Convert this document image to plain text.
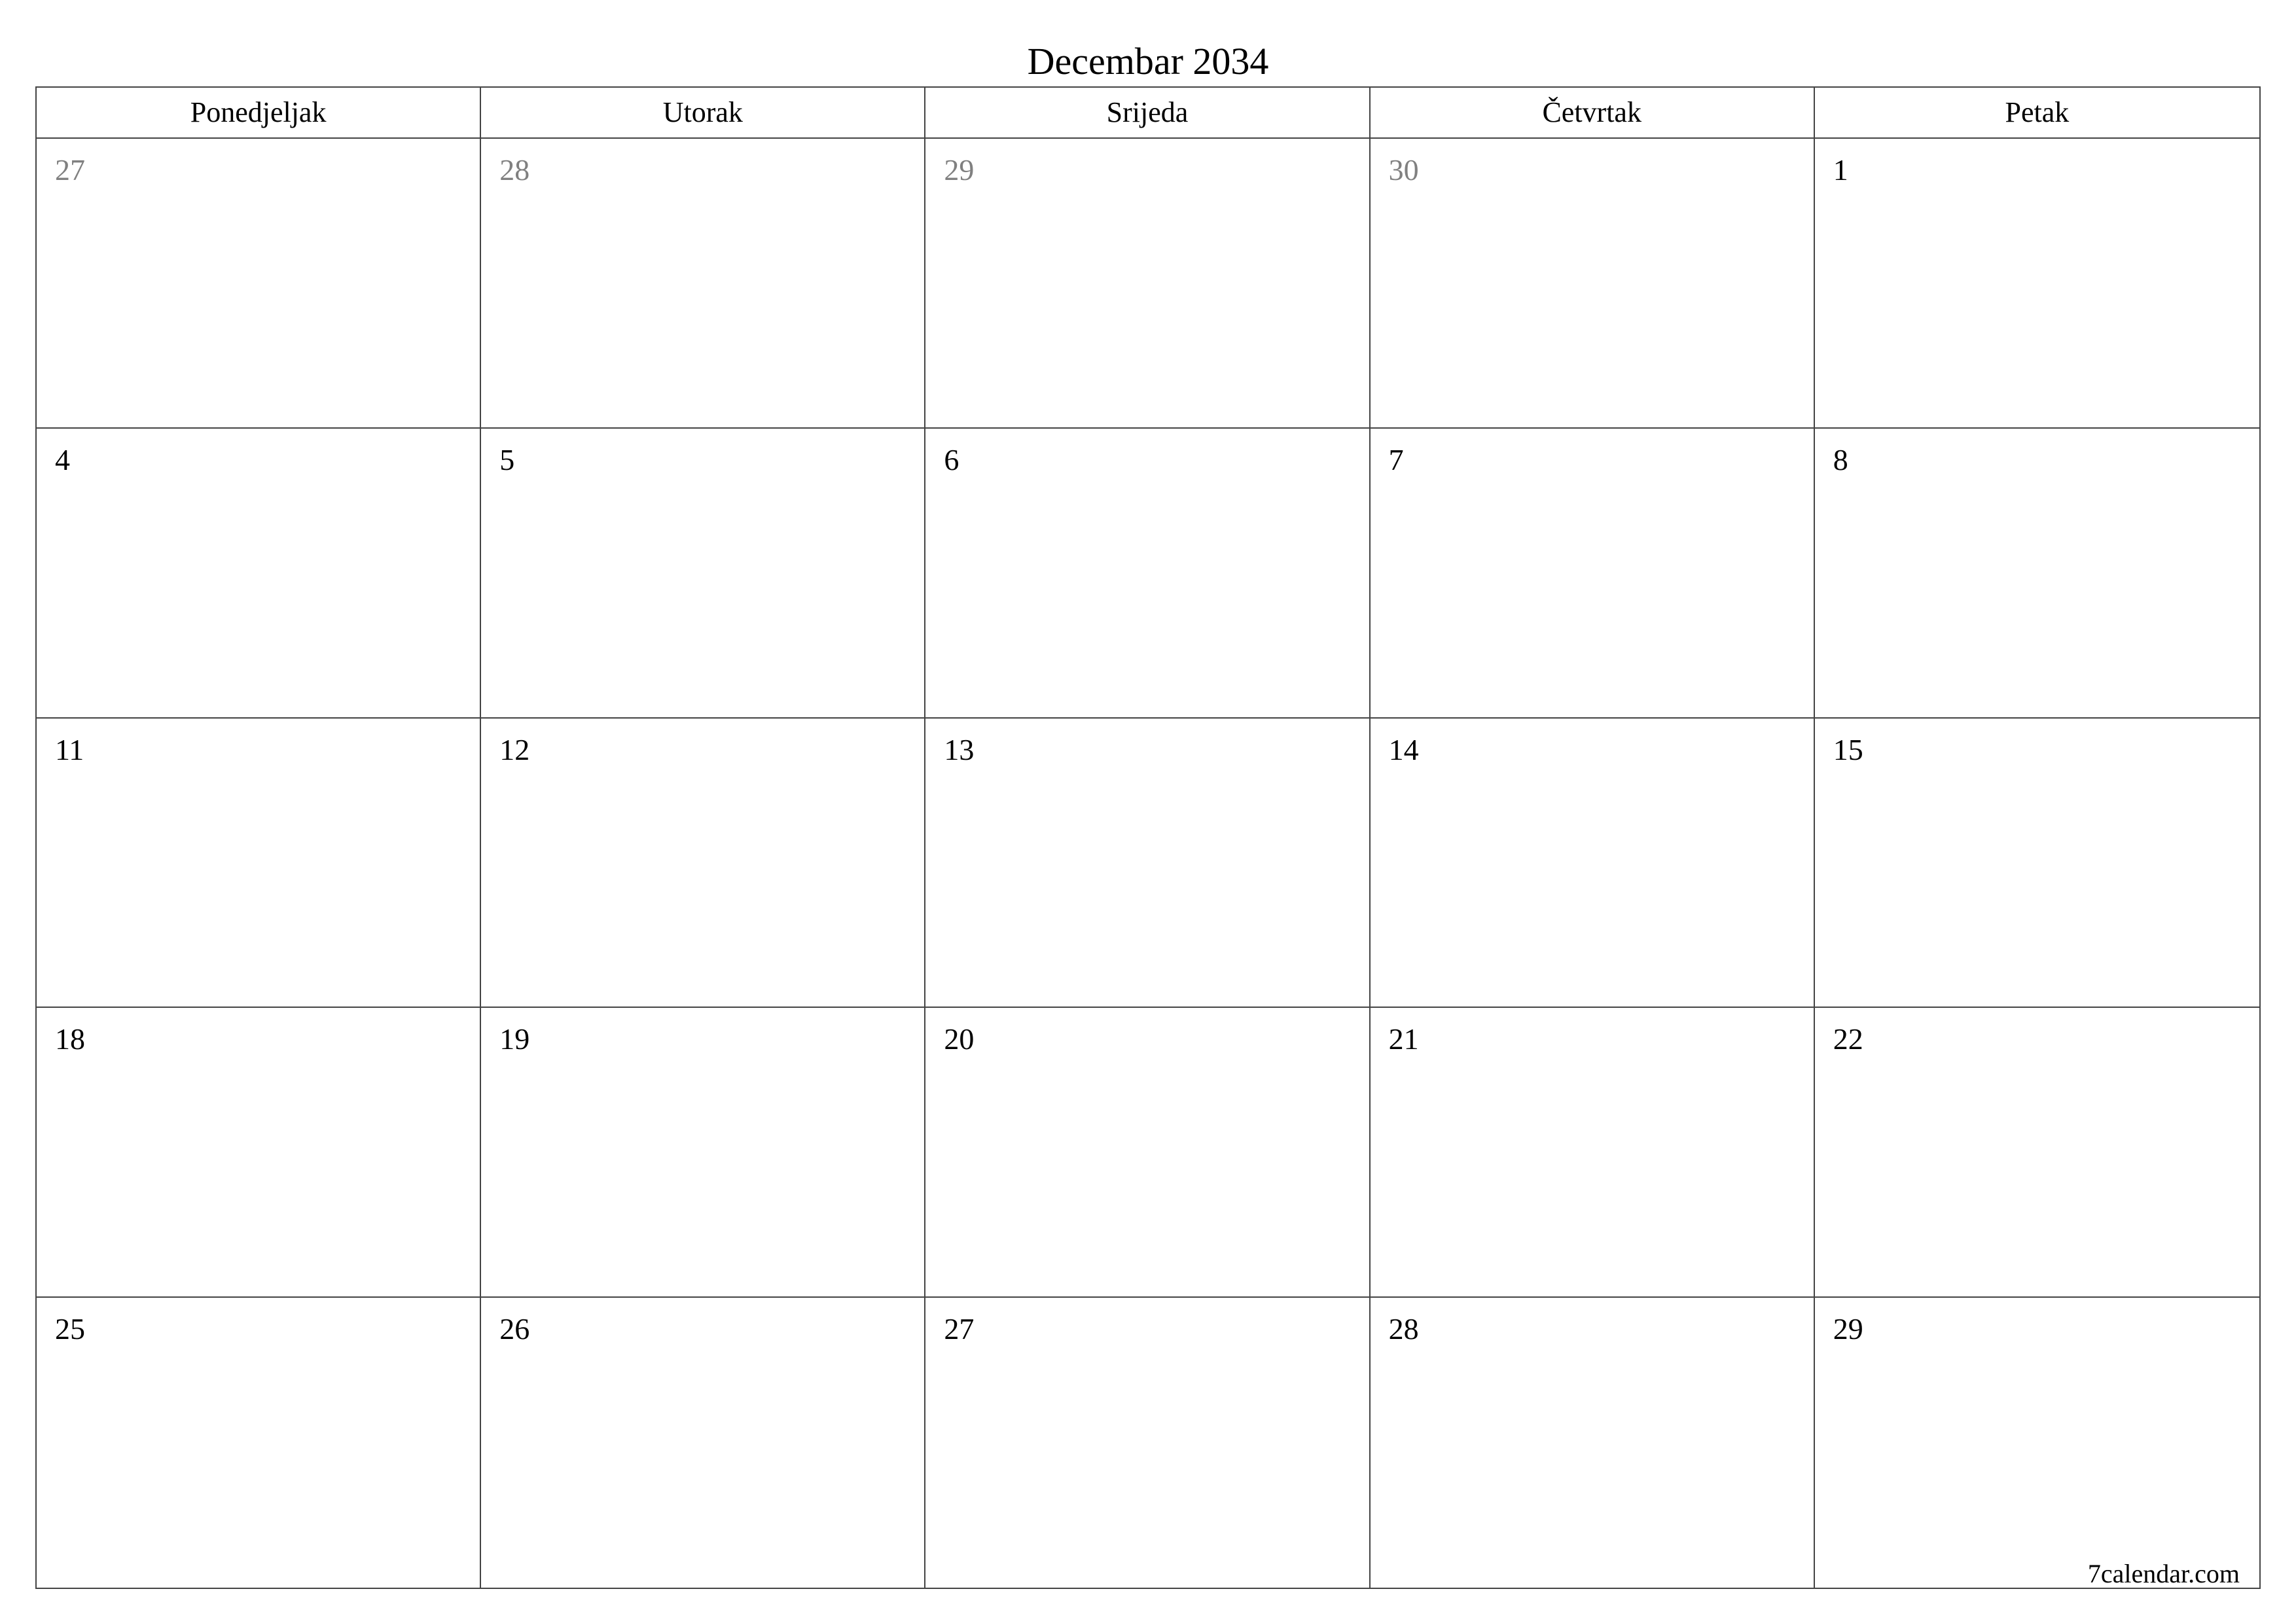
Decembar 2034
Ponedjeljak	Utorak	Srijeda	Četvrtak	Petak
27	28	29	30	1
4	5	6	7	8
11	12	13	14	15
18	19	20	21	22
25	26	27	28	29
7calendar.com
